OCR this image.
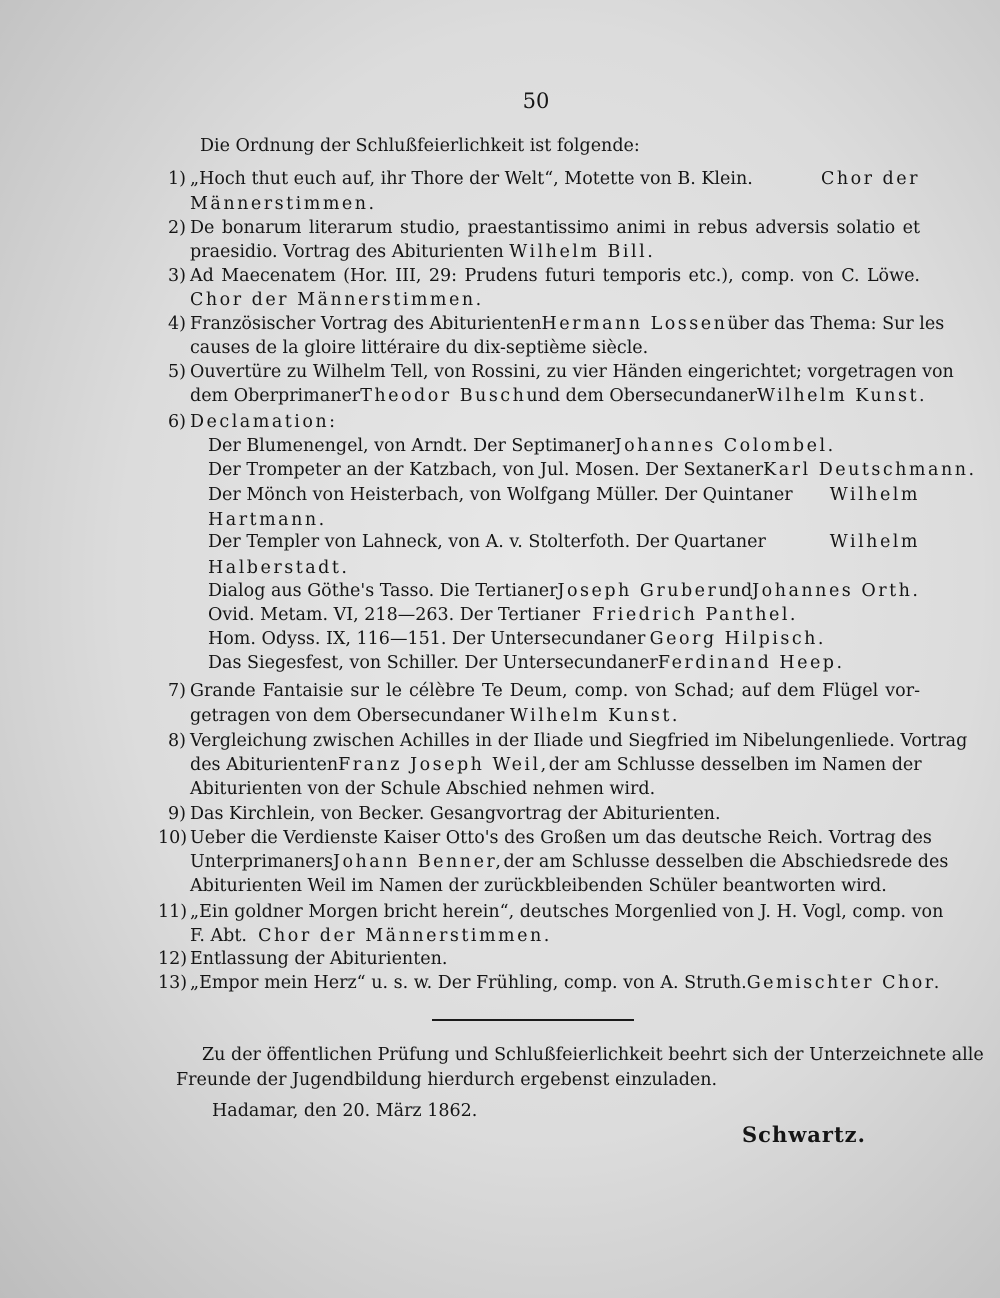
50
Die Ordnung der Schlußfeierlichkeit ist folgende:
1) „Hoch thut euch auf, ihr Thore der Welt“, Motette von B. Klein.	Chor der
Männerstimmen.
2) De bonarum literarum studio, praestantissimo animi in rebus adversis solatio et
praesidio. Vortrag des Abiturienten Wilhelm Bill.
3) Ad Maecenatem (Hor. III, 29: Prudens futuri temporis etc.), comp. von C. Löwe.
Chor der Männerstimmen.
4) Französischer Vortrag des Abiturienten Hermann Lossen über das Thema: Sur les
causes de la gloire littéraire du dix-septième siècle.
5) Ouvertüre zu Wilhelm Tell, von Rossini, zu vier Händen eingerichtet; vorgetragen von
dem Oberprimaner Theodor Busch und dem Obersecundaner Wilhelm Kunst.
6) Declamation:
Der Blumenengel, von Arndt. Der Septimaner Johannes Colombel.
Der Trompeter an der Katzbach, von Jul. Mosen. Der Sextaner Karl Deutschmann.
Der Mönch von Heisterbach, von Wolfgang Müller. Der Quintaner Wilhelm
Hartmann.
Der Templer von Lahneck, von A. v. Stolterfoth. Der Quartaner	Wilhelm
Halberstadt.
Dialog aus Göthe's Tasso. Die Tertianer Joseph Gruber und Johannes Orth.
Ovid. Metam. VI, 218—263. Der Tertianer Friedrich Panthel.
Hom. Odyss. IX, 116—151. Der Untersecundaner Georg Hilpisch.
Das Siegesfest, von Schiller. Der Untersecundaner Ferdinand Heep.
7) Grande Fantaisie sur le célèbre Te Deum, comp. von Schad; auf dem Flügel vor-
getragen von dem Obersecundaner Wilhelm Kunst.
8) Vergleichung zwischen Achilles in der Iliade und Siegfried im Nibelungenliede. Vortrag
des Abiturienten Franz Joseph Weil, der am Schlusse desselben im Namen der
Abiturienten von der Schule Abschied nehmen wird.
9) Das Kirchlein, von Becker. Gesangvortrag der Abiturienten.
10) Ueber die Verdienste Kaiser Otto's des Großen um das deutsche Reich. Vortrag des
Unterprimaners Johann Benner, der am Schlusse desselben die Abschiedsrede des
Abiturienten Weil im Namen der zurückbleibenden Schüler beantworten wird.
11) „Ein goldner Morgen bricht herein“, deutsches Morgenlied von J. H. Vogl, comp. von
F. Abt. Chor der Männerstimmen.
12) Entlassung der Abiturienten.
13) „Empor mein Herz“ u. s. w. Der Frühling, comp. von A. Struth. Gemischter Chor.
Zu der öffentlichen Prüfung und Schlußfeierlichkeit beehrt sich der Unterzeichnete alle
Freunde der Jugendbildung hierdurch ergebenst einzuladen.
Hadamar, den 20. März 1862.
Schwartz.
